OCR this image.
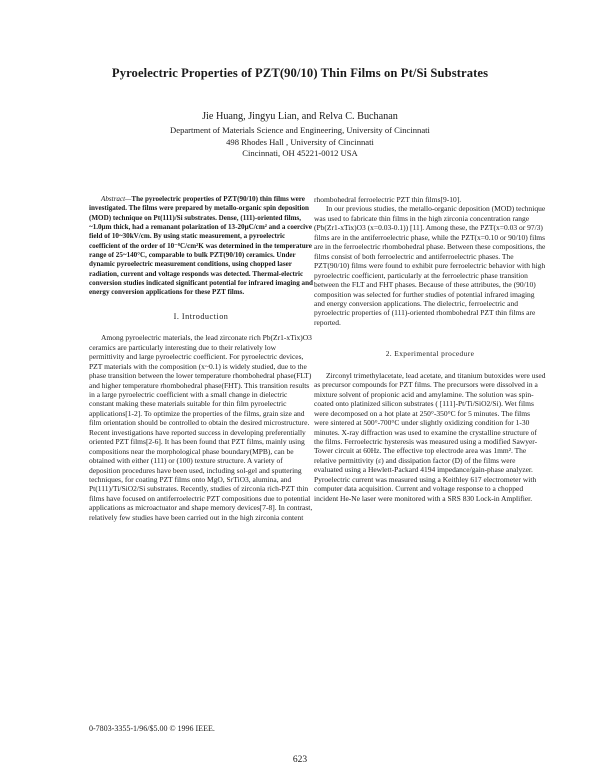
Pyroelectric Properties of PZT(90/10) Thin Films on Pt/Si Substrates
Jie Huang, Jingyu Lian, and Relva C. Buchanan
Department of Materials Science and Engineering, University of Cincinnati
498 Rhodes Hall , University of Cincinnati
Cincinnati, OH 45221-0012 USA

Abstract—The pyroelectric properties of PZT(90/10) thin films were investigated. The films were prepared by metallo-organic spin deposition (MOD) technique on Pt(111)/Si substrates. Dense, (111)-oriented films, ~1.0μm thick, had a remanant polarization of 13-20μC/cm² and a coercive field of 10~30kV/cm. By using static measurement, a pyroelectric coefficient of the order of 10⁻⁸C/cm²K was determined in the temperature range of 25~140°C, comparable to bulk PZT(90/10) ceramics. Under dynamic pyroelectric measurement conditions, using chopped laser radiation, current and voltage responds was detected. Thermal-electric conversion studies indicated significant potential for infrared imaging and energy conversion applications for these PZT films.

I. Introduction

Among pyroelectric materials, the lead zirconate rich Pb(Zr1-xTix)O3 ceramics are particularly interesting due to their relatively low permittivity and large pyroelectric coefficient. For pyroelectric devices, PZT materials with the composition (x~0.1) is widely studied, due to the phase transition between the lower temperature rhombohedral phase(FLT) and higher temperature rhombohedral phase(FHT). This transition results in a large pyroelectric coefficient with a small change in dielectric constant making these materials suitable for thin film pyroelectric applications[1-2]. To optimize the properties of the films, grain size and film orientation should be controlled to obtain the desired microstructure. Recent investigations have reported success in developing preferentially oriented PZT films[2-6]. It has been found that PZT films, mainly using compositions near the morphological phase boundary(MPB), can be obtained with either (111) or (100) texture structure. A variety of deposition procedures have been used, including sol-gel and sputtering techniques, for coating PZT films onto MgO, SrTiO3, alumina, and Pt(111)/Ti/SiO2/Si substrates. Recently, studies of zirconia rich-PZT thin films have focused on antiferroelectric PZT compositions due to potential applications as microactuator and shape memory devices[7-8]. In contrast, relatively few studies have been carried out in the high zirconia content

rhombohedral ferroelectric PZT thin films[9-10].

In our previous studies, the metallo-organic deposition (MOD) technique was used to fabricate thin films in the high zirconia concentration range (Pb(Zr1-xTix)O3 (x=0.03-0.1)) [11]. Among these, the PZT(x=0.03 or 97/3) films are in the antiferroelectric phase, while the PZT(x=0.10 or 90/10) films are in the ferroelectric rhombohedral phase. Between these compositions, the films consist of both ferroelectric and antiferroelectric phases. The PZT(90/10) films were found to exhibit pure ferroelectric behavior with high pyroelectric coefficient, particularly at the ferroelectric phase transition between the FLT and FHT phases. Because of these attributes, the (90/10) composition was selected for further studies of potential infrared imaging and energy conversion applications. The dielectric, ferroelectric and pyroelectric properties of (111)-oriented rhombohedral PZT thin films are reported.

2. Experimental procedure

Zirconyl trimethylacetate, lead acetate, and titanium butoxides were used as precursor compounds for PZT films. The precursors were dissolved in a mixture solvent of propionic acid and amylamine. The solution was spin-coated onto platinized silicon substrates ( [111]-Pt/Ti/SiO2/Si). Wet films were decomposed on a hot plate at 250°-350°C for 5 minutes. The films were sintered at 500°-700°C under slightly oxidizing condition for 1-30 minutes. X-ray diffraction was used to examine the crystalline structure of the films. Ferroelectric hysteresis was measured using a modified Sawyer-Tower circuit at 60Hz. The effective top electrode area was 1mm². The relative permittivity (ε) and dissipation factor (D) of the films were evaluated using a Hewlett-Packard 4194 impedance/gain-phase analyzer. Pyroelectric current was measured using a Keithley 617 electrometer with computer data acquisition. Current and voltage response to a chopped incident He-Ne laser were monitored with a SRS 830 Lock-in Amplifier.

0-7803-3355-1/96/$5.00 © 1996 IEEE.
623
